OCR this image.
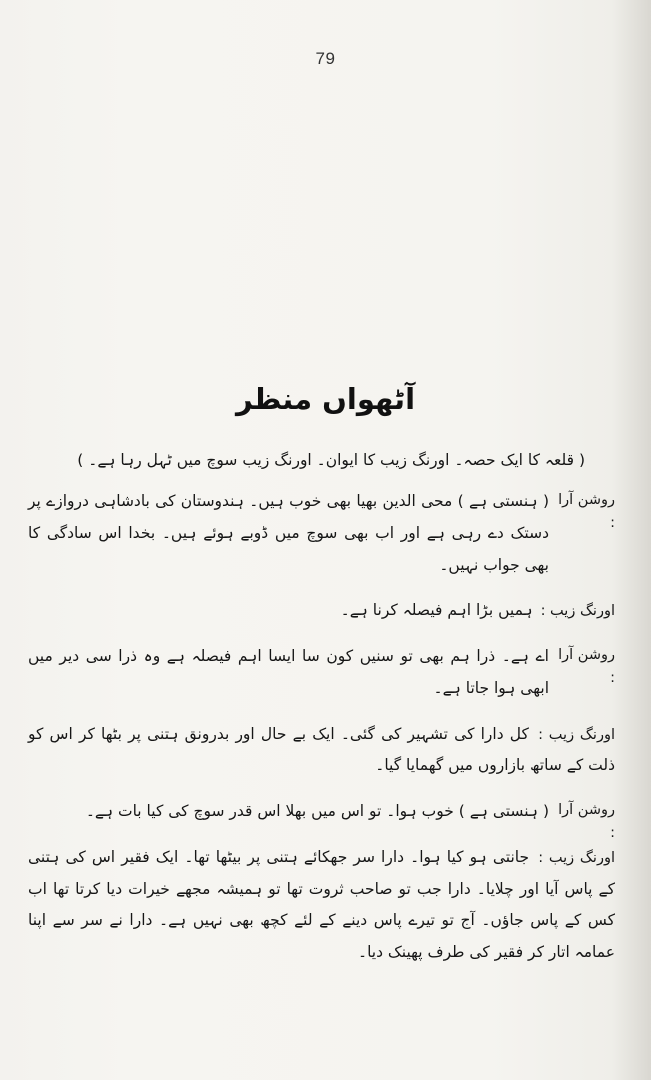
79
آٹھواں منظر
( قلعہ کا ایک حصہ۔ اورنگ زیب کا ایوان۔ اورنگ زیب سوچ میں ٹہل رہا ہے۔ )
روشن آرا :
( ہنستی ہے ) محی الدین بھیا بھی خوب ہیں۔ ہندوستان کی بادشاہی دروازے پر دستک دے رہی ہے اور اب بھی سوچ میں ڈوبے ہوئے ہیں۔ بخدا اس سادگی کا بھی جواب نہیں۔
اورنگ زیب : ہمیں بڑا اہم فیصلہ کرنا ہے۔
روشن آرا :
اے ہے۔ ذرا ہم بھی تو سنیں کون سا ایسا اہم فیصلہ ہے وہ ذرا سی دیر میں ابھی ہوا جاتا ہے۔
اورنگ زیب : کل دارا کی تشہیر کی گئی۔ ایک بے حال اور بدرونق ہتنی پر بٹھا کر اس کو ذلت کے ساتھ بازاروں میں گھمایا گیا۔
روشن آرا :
( ہنستی ہے ) خوب ہوا۔ تو اس میں بھلا اس قدر سوچ کی کیا بات ہے۔
اورنگ زیب : جانتی ہو کیا ہوا۔ دارا سر جھکائے ہتنی پر بیٹھا تھا۔ ایک فقیر اس کی ہتنی کے پاس آیا اور چلایا۔ دارا جب تو صاحب ثروت تھا تو ہمیشہ مجھے خیرات دیا کرتا تھا اب کس کے پاس جاؤں۔ آج تو تیرے پاس دینے کے لئے کچھ بھی نہیں ہے۔ دارا نے سر سے اپنا عمامہ اتار کر فقیر کی طرف پھینک دیا۔
